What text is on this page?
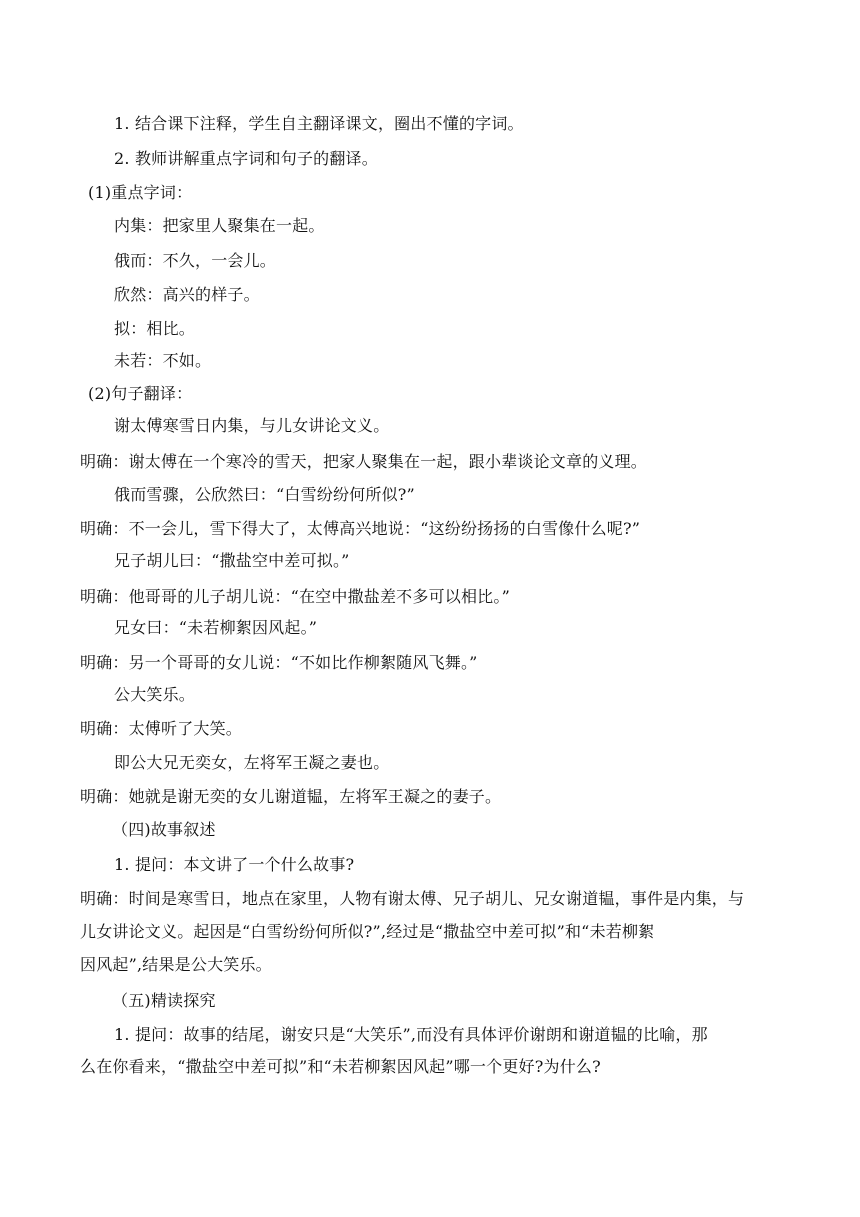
1. 结合课下注释，学生自主翻译课文，圈出不懂的字词。
2. 教师讲解重点字词和句子的翻译。
(1)重点字词：
内集：把家里人聚集在一起。
俄而：不久，一会儿。
欣然：高兴的样子。
拟：相比。
未若：不如。
(2)句子翻译：
谢太傅寒雪日内集，与儿女讲论文义。
明确：谢太傅在一个寒冷的雪天，把家人聚集在一起，跟小辈谈论文章的义理。
俄而雪骤，公欣然曰：“白雪纷纷何所似?”
明确：不一会儿，雪下得大了，太傅高兴地说：“这纷纷扬扬的白雪像什么呢?”
兄子胡儿曰：“撒盐空中差可拟。”
明确：他哥哥的儿子胡儿说：“在空中撒盐差不多可以相比。”
兄女曰：“未若柳絮因风起。”
明确：另一个哥哥的女儿说：“不如比作柳絮随风飞舞。”
公大笑乐。
明确：太傅听了大笑。
即公大兄无奕女，左将军王凝之妻也。
明确：她就是谢无奕的女儿谢道韫，左将军王凝之的妻子。
（四)故事叙述
1. 提问：本文讲了一个什么故事?
明确：时间是寒雪日，地点在家里，人物有谢太傅、兄子胡儿、兄女谢道韫，事件是内集，与
儿女讲论文义。起因是“白雪纷纷何所似?”,经过是“撒盐空中差可拟”和“未若柳絮
因风起”,结果是公大笑乐。
（五)精读探究
1. 提问：故事的结尾，谢安只是“大笑乐”,而没有具体评价谢朗和谢道韫的比喻，那
么在你看来，“撒盐空中差可拟”和“未若柳絮因风起”哪一个更好?为什么?
